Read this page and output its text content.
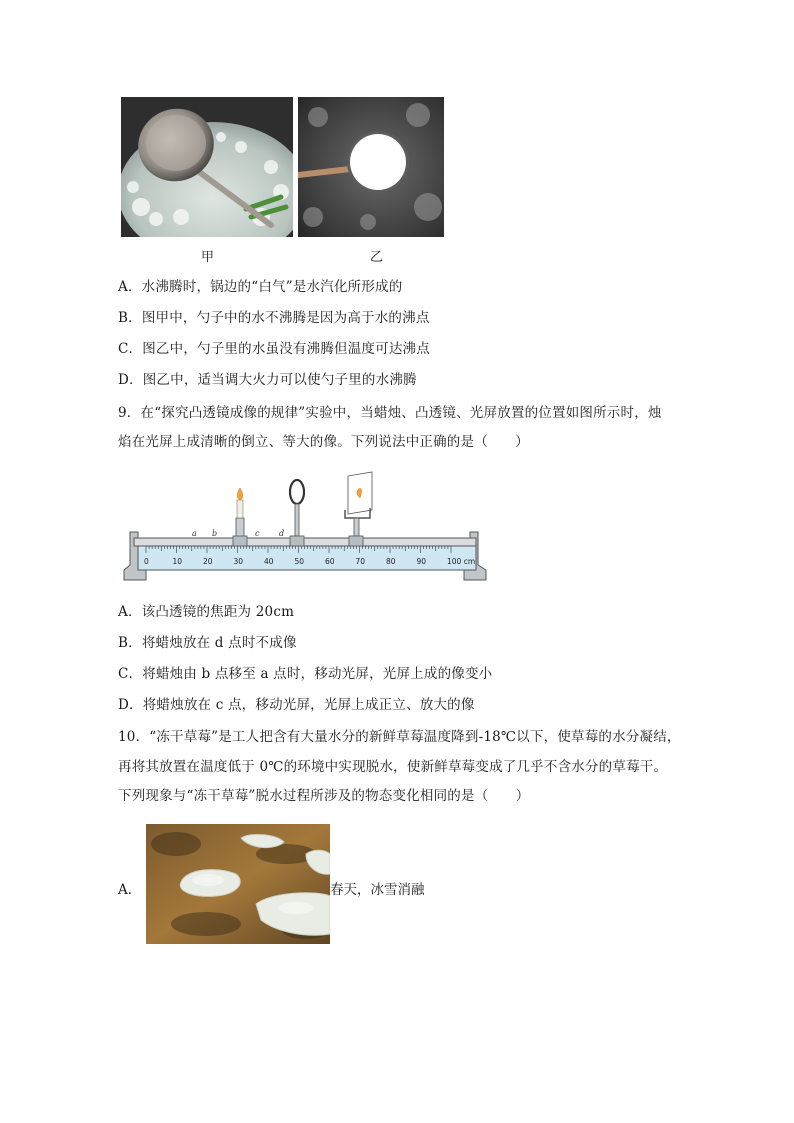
甲	乙
A．水沸腾时，锅边的“白气”是水汽化所形成的
B．图甲中，勺子中的水不沸腾是因为高于水的沸点
C．图乙中，勺子里的水虽没有沸腾但温度可达沸点
D．图乙中，适当调大火力可以使勺子里的水沸腾
9．在“探究凸透镜成像的规律”实验中，当蜡烛、凸透镜、光屏放置的位置如图所示时，烛
焰在光屏上成清晰的倒立、等大的像。下列说法中正确的是（　　）
0	10	20	30	40	50	60	70	80	90	100 cm
a b	c d
A．该凸透镜的焦距为 20cm
B．将蜡烛放在 d 点时不成像
C．将蜡烛由 b 点移至 a 点时，移动光屏，光屏上成的像变小
D．将蜡烛放在 c 点，移动光屏，光屏上成正立、放大的像
10．“冻干草莓”是工人把含有大量水分的新鲜草莓温度降到-18℃以下，使草莓的水分凝结，
再将其放置在温度低于 0℃的环境中实现脱水，使新鲜草莓变成了几乎不含水分的草莓干。
下列现象与“冻干草莓”脱水过程所涉及的物态变化相同的是（　　）
A．	春天，冰雪消融
